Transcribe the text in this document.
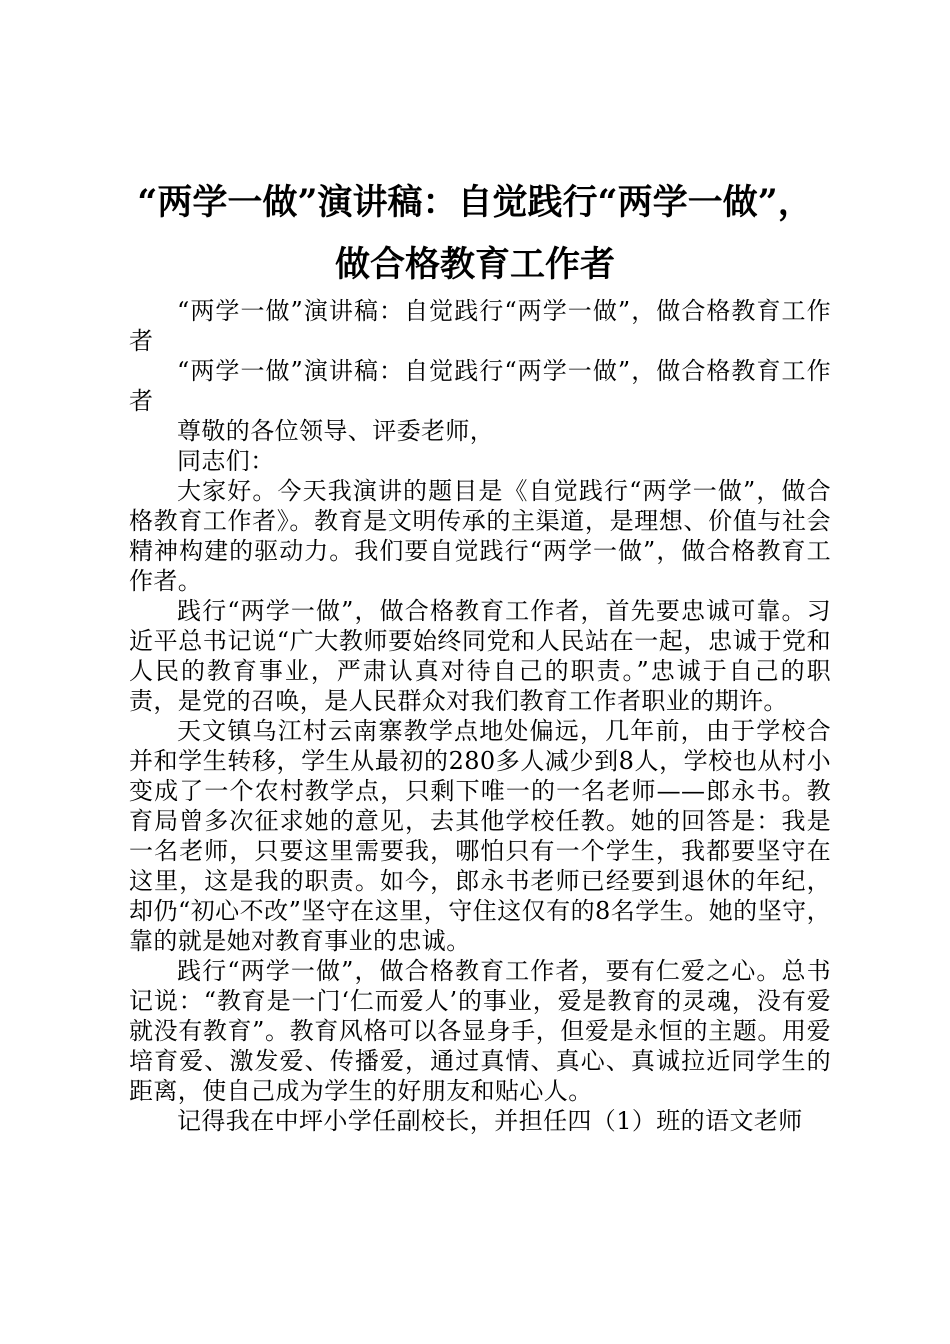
“两学一做”演讲稿：自觉践行“两学一做”，
做合格教育工作者

“两学一做”演讲稿：自觉践行“两学一做”，做合格教育工作者

“两学一做”演讲稿：自觉践行“两学一做”，做合格教育工作者

尊敬的各位领导、评委老师，

同志们：

大家好。今天我演讲的题目是《自觉践行“两学一做”，做合格教育工作者》。教育是文明传承的主渠道，是理想、价值与社会精神构建的驱动力。我们要自觉践行“两学一做”，做合格教育工作者。

践行“两学一做”，做合格教育工作者，首先要忠诚可靠。习近平总书记说“广大教师要始终同党和人民站在一起，忠诚于党和人民的教育事业，严肃认真对待自己的职责。”忠诚于自己的职责，是党的召唤，是人民群众对我们教育工作者职业的期许。

天文镇乌江村云南寨教学点地处偏远，几年前，由于学校合并和学生转移，学生从最初的280多人减少到8人，学校也从村小变成了一个农村教学点，只剩下唯一的一名老师——郎永书。教育局曾多次征求她的意见，去其他学校任教。她的回答是：我是一名老师，只要这里需要我，哪怕只有一个学生，我都要坚守在这里，这是我的职责。如今，郎永书老师已经要到退休的年纪，却仍“初心不改”坚守在这里，守住这仅有的8名学生。她的坚守，靠的就是她对教育事业的忠诚。

践行“两学一做”，做合格教育工作者，要有仁爱之心。总书记说：“教育是一门‘仁而爱人’的事业，爱是教育的灵魂，没有爱就没有教育”。教育风格可以各显身手，但爱是永恒的主题。用爱培育爱、激发爱、传播爱，通过真情、真心、真诚拉近同学生的距离，使自己成为学生的好朋友和贴心人。

记得我在中坪小学任副校长，并担任四（1）班的语文老师
